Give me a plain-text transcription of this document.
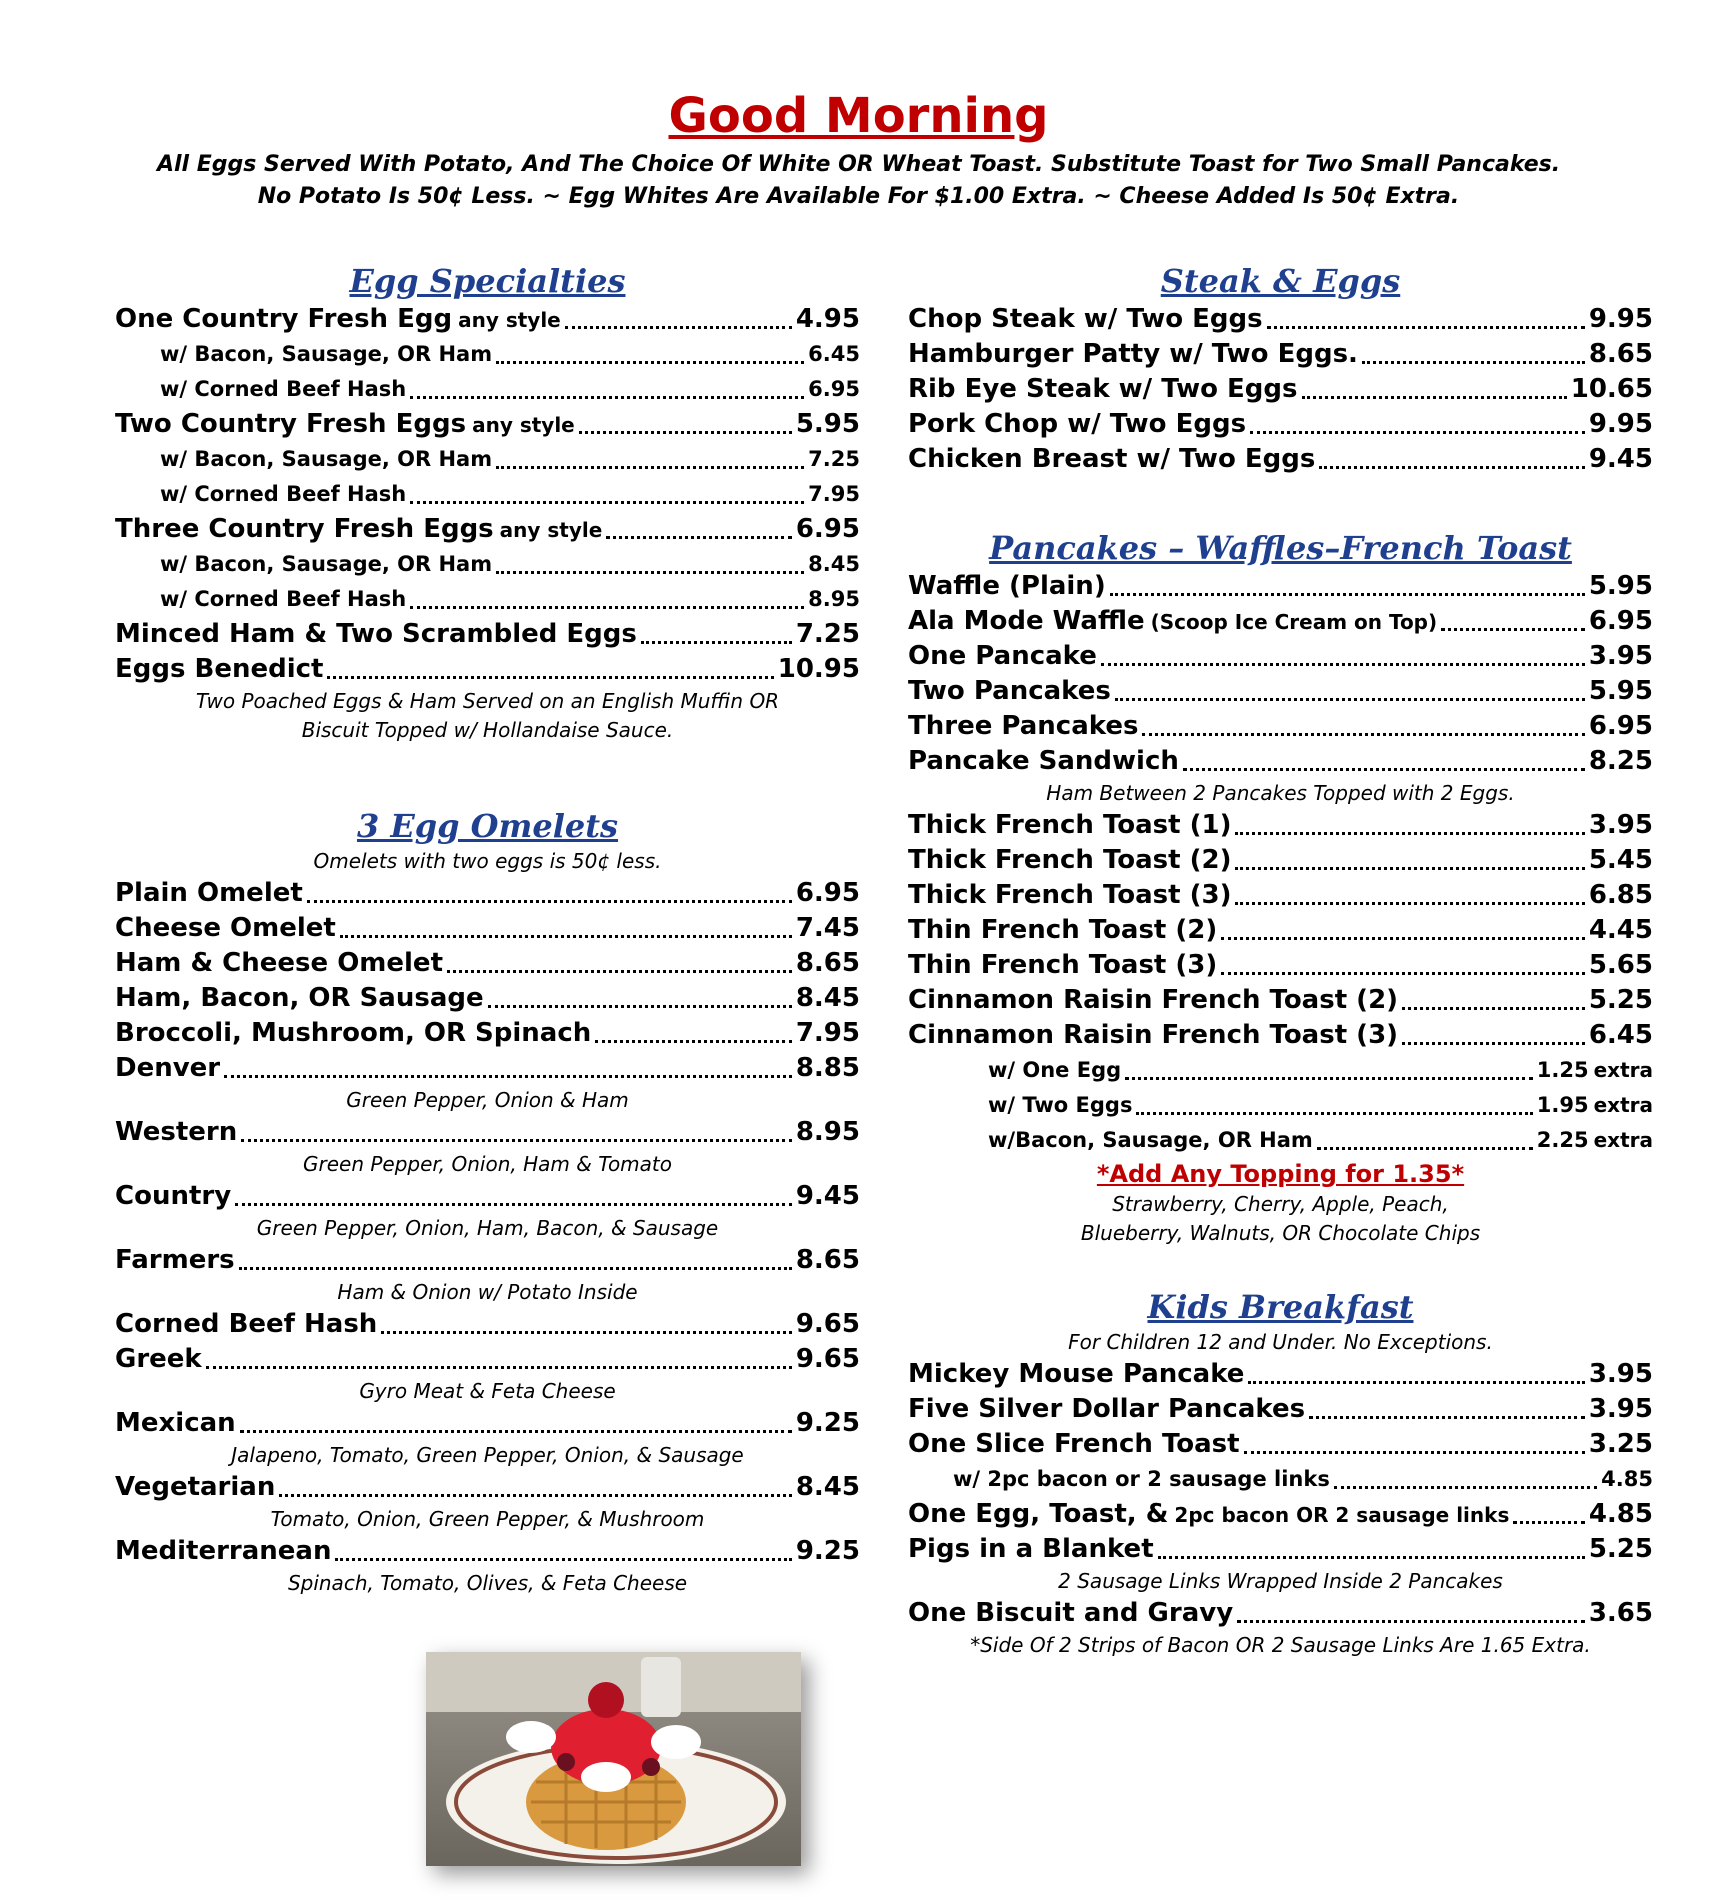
Good Morning
All Eggs Served With Potato, And The Choice Of White OR Wheat Toast. Substitute Toast for Two Small Pancakes.
No Potato Is 50¢ Less. ~ Egg Whites Are Available For $1.00 Extra. ~ Cheese Added Is 50¢ Extra.
Egg Specialties
One Country Fresh Egg any style	4.95
w/ Bacon, Sausage, OR Ham	6.45
w/ Corned Beef Hash	6.95
Two Country Fresh Eggs any style	5.95
w/ Bacon, Sausage, OR Ham	7.25
w/ Corned Beef Hash	7.95
Three Country Fresh Eggs any style	6.95
w/ Bacon, Sausage, OR Ham	8.45
w/ Corned Beef Hash	8.95
Minced Ham & Two Scrambled Eggs	7.25
Eggs Benedict	10.95
Two Poached Eggs & Ham Served on an English Muffin OR
Biscuit Topped w/ Hollandaise Sauce.
3 Egg Omelets
Omelets with two eggs is 50¢ less.
Plain Omelet	6.95
Cheese Omelet	7.45
Ham & Cheese Omelet	8.65
Ham, Bacon, OR Sausage	8.45
Broccoli, Mushroom, OR Spinach	7.95
Denver	8.85
Green Pepper, Onion & Ham
Western	8.95
Green Pepper, Onion, Ham & Tomato
Country	9.45
Green Pepper, Onion, Ham, Bacon, & Sausage
Farmers	8.65
Ham & Onion w/ Potato Inside
Corned Beef Hash	9.65
Greek	9.65
Gyro Meat & Feta Cheese
Mexican	9.25
Jalapeno, Tomato, Green Pepper, Onion, & Sausage
Vegetarian	8.45
Tomato, Onion, Green Pepper, & Mushroom
Mediterranean	9.25
Spinach, Tomato, Olives, & Feta Cheese
Steak & Eggs
Chop Steak w/ Two Eggs	9.95
Hamburger Patty w/ Two Eggs.	8.65
Rib Eye Steak w/ Two Eggs	10.65
Pork Chop w/ Two Eggs	9.95
Chicken Breast w/ Two Eggs	9.45
Pancakes – Waffles–French Toast
Waffle (Plain)	5.95
Ala Mode Waffle (Scoop Ice Cream on Top)	6.95
One Pancake	3.95
Two Pancakes	5.95
Three Pancakes	6.95
Pancake Sandwich	8.25
Ham Between 2 Pancakes Topped with 2 Eggs.
Thick French Toast (1)	3.95
Thick French Toast (2)	5.45
Thick French Toast (3)	6.85
Thin French Toast (2)	4.45
Thin French Toast (3)	5.65
Cinnamon Raisin French Toast (2)	5.25
Cinnamon Raisin French Toast (3)	6.45
w/ One Egg	1.25 extra
w/ Two Eggs	1.95 extra
w/Bacon, Sausage, OR Ham	2.25 extra
*Add Any Topping for 1.35*
Strawberry, Cherry, Apple, Peach,
Blueberry, Walnuts, OR Chocolate Chips
Kids Breakfast
For Children 12 and Under. No Exceptions.
Mickey Mouse Pancake	3.95
Five Silver Dollar Pancakes	3.95
One Slice French Toast	3.25
w/ 2pc bacon or 2 sausage links	4.85
One Egg, Toast, & 2pc bacon OR 2 sausage links	4.85
Pigs in a Blanket	5.25
2 Sausage Links Wrapped Inside 2 Pancakes
One Biscuit and Gravy	3.65
*Side Of 2 Strips of Bacon OR 2 Sausage Links Are 1.65 Extra.
